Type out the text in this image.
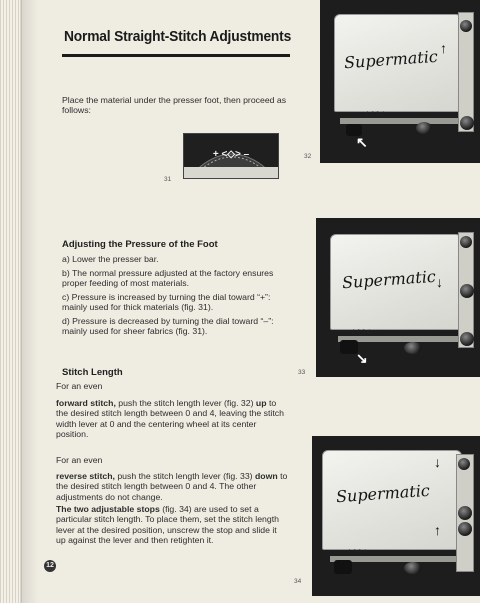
Normal Straight-Stitch Adjustments
Place the material under the presser foot, then proceed as follows:
+ <◇> –
31
Adjusting the Pressure of the Foot
a) Lower the presser bar.
b) The normal pressure adjusted at the factory ensures proper feeding of most materials.
c) Pressure is increased by turning the dial toward “+”: mainly used for thick materials (fig. 31).
d) Pressure is decreased by turning the dial toward “–”: mainly used for sheer fabrics (fig. 31).
Stitch Length
For an even
forward stitch, push the stitch length lever (fig. 32) up to the desired stitch length between 0 and 4, leaving the stitch width lever at 0 and the centering wheel at its center position.
For an even
reverse stitch, push the stitch length lever (fig. 33) down to the desired stitch length between 0 and 4. The other adjustments do not change.
The two adjustable stops (fig. 34) are used to set a particular stitch length. To place them, set the stitch length lever at the desired position, unscrew the stop and slide it up against the lever and then retighten it.
12
Supermatic
1 2 3 4
↖
↑
32
Supermatic
1 2 3 4
↘
↓
33
Supermatic
1 2 3 4
↓
↑
34
